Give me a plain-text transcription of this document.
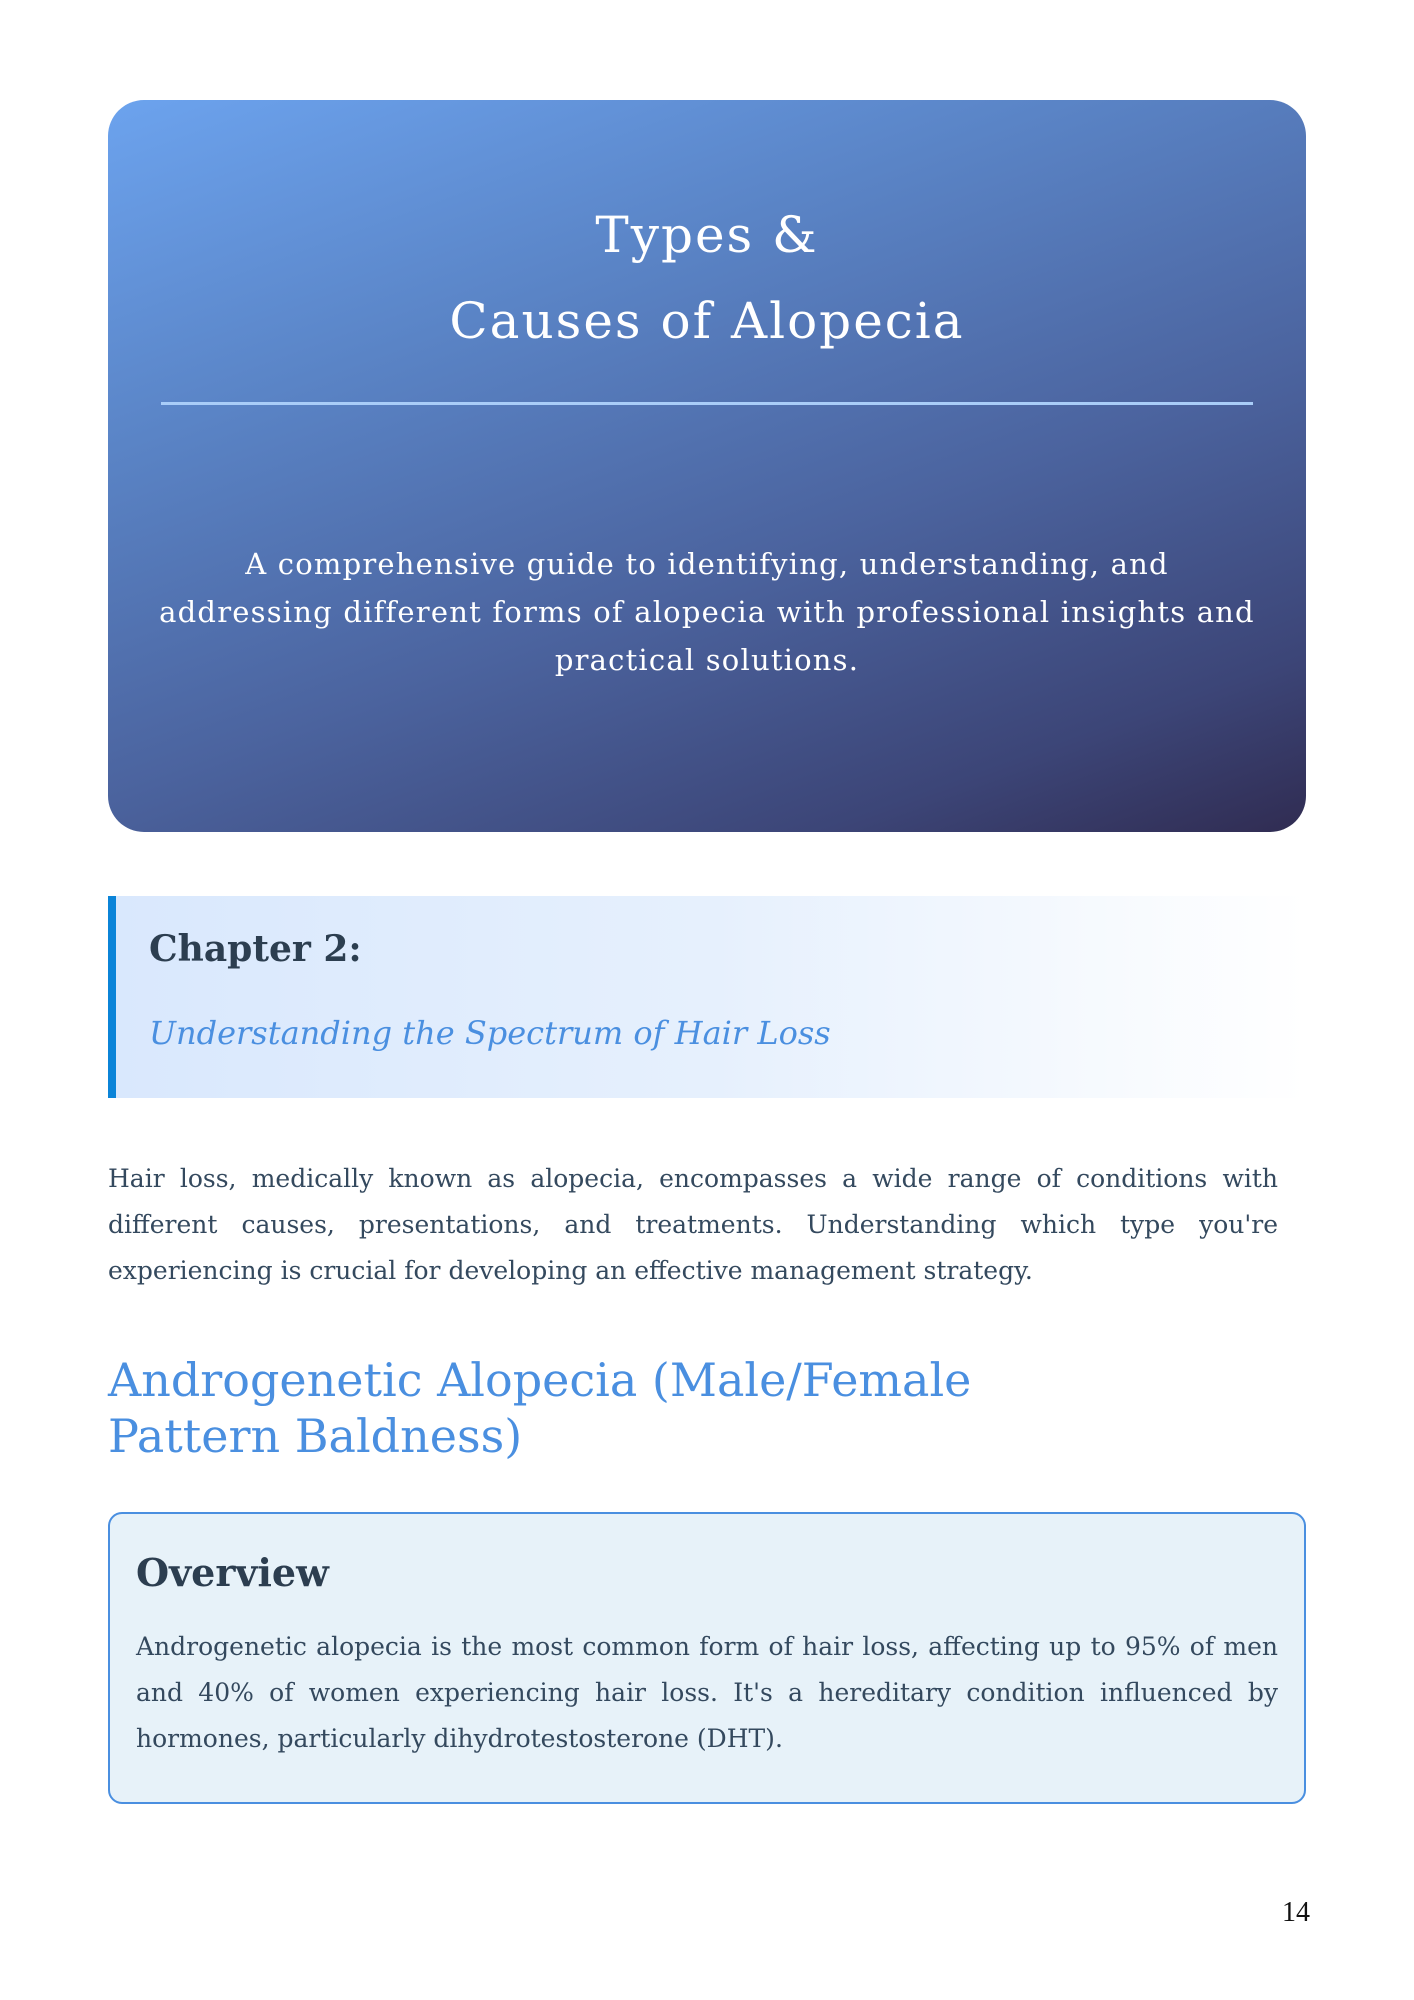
Types &
Causes of Alopecia

A comprehensive guide to identifying, understanding, and addressing different forms of alopecia with professional insights and practical solutions.

Chapter 2:
Understanding the Spectrum of Hair Loss

Hair loss, medically known as alopecia, encompasses a wide range of conditions with different causes, presentations, and treatments. Understanding which type you're experiencing is crucial for developing an effective management strategy.

Androgenetic Alopecia (Male/Female Pattern Baldness)
Overview

Androgenetic alopecia is the most common form of hair loss, affecting up to 95% of men and 40% of women experiencing hair loss. It's a hereditary condition influenced by hormones, particularly dihydrotestosterone (DHT).

14
